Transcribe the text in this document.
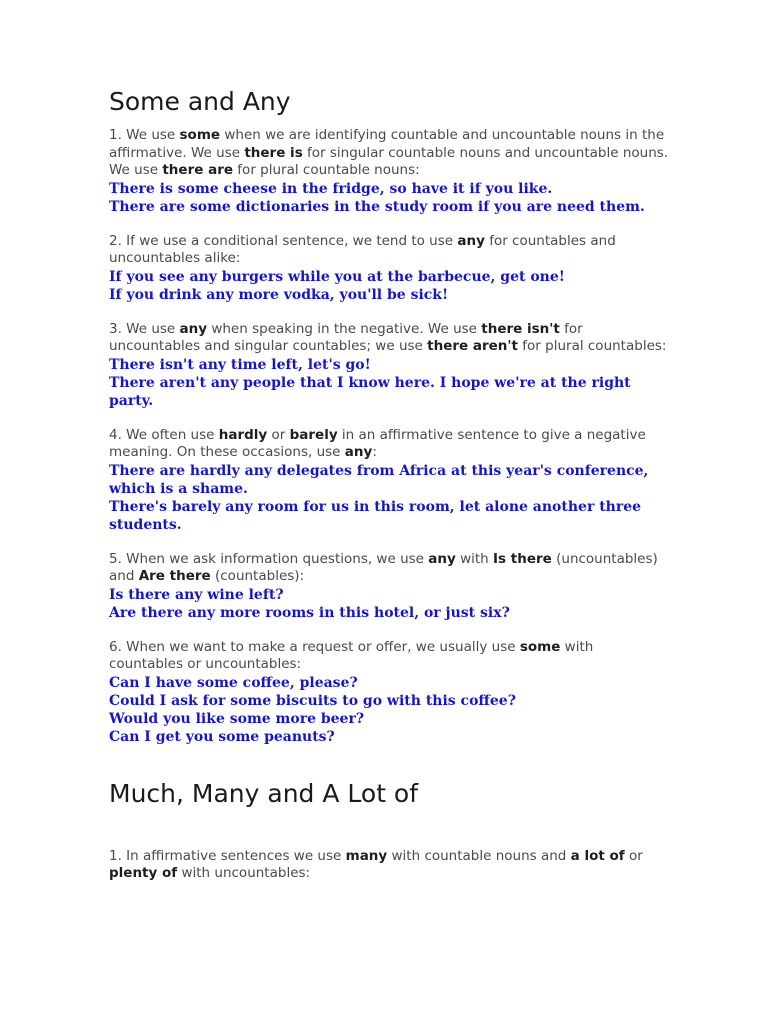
Some and Any

1. We use some when we are identifying countable and uncountable nouns in the affirmative. We use there is for singular countable nouns and uncountable nouns. We use there are for plural countable nouns:

There is some cheese in the fridge, so have it if you like.

There are some dictionaries in the study room if you are need them.

2. If we use a conditional sentence, we tend to use any for countables and uncountables alike:

If you see any burgers while you at the barbecue, get one!

If you drink any more vodka, you'll be sick!

3. We use any when speaking in the negative. We use there isn't for uncountables and singular countables; we use there aren't for plural countables:

There isn't any time left, let's go!

There aren't any people that I know here. I hope we're at the right party.

4. We often use hardly or barely in an affirmative sentence to give a negative meaning. On these occasions, use any:

There are hardly any delegates from Africa at this year's conference, which is a shame.

There's barely any room for us in this room, let alone another three students.

5. When we ask information questions, we use any with Is there (uncountables) and Are there (countables):

Is there any wine left?

Are there any more rooms in this hotel, or just six?

6. When we want to make a request or offer, we usually use some with countables or uncountables:

Can I have some coffee, please?

Could I ask for some biscuits to go with this coffee?

Would you like some more beer?

Can I get you some peanuts?

Much, Many and A Lot of

1. In affirmative sentences we use many with countable nouns and a lot of or plenty of with uncountables:
